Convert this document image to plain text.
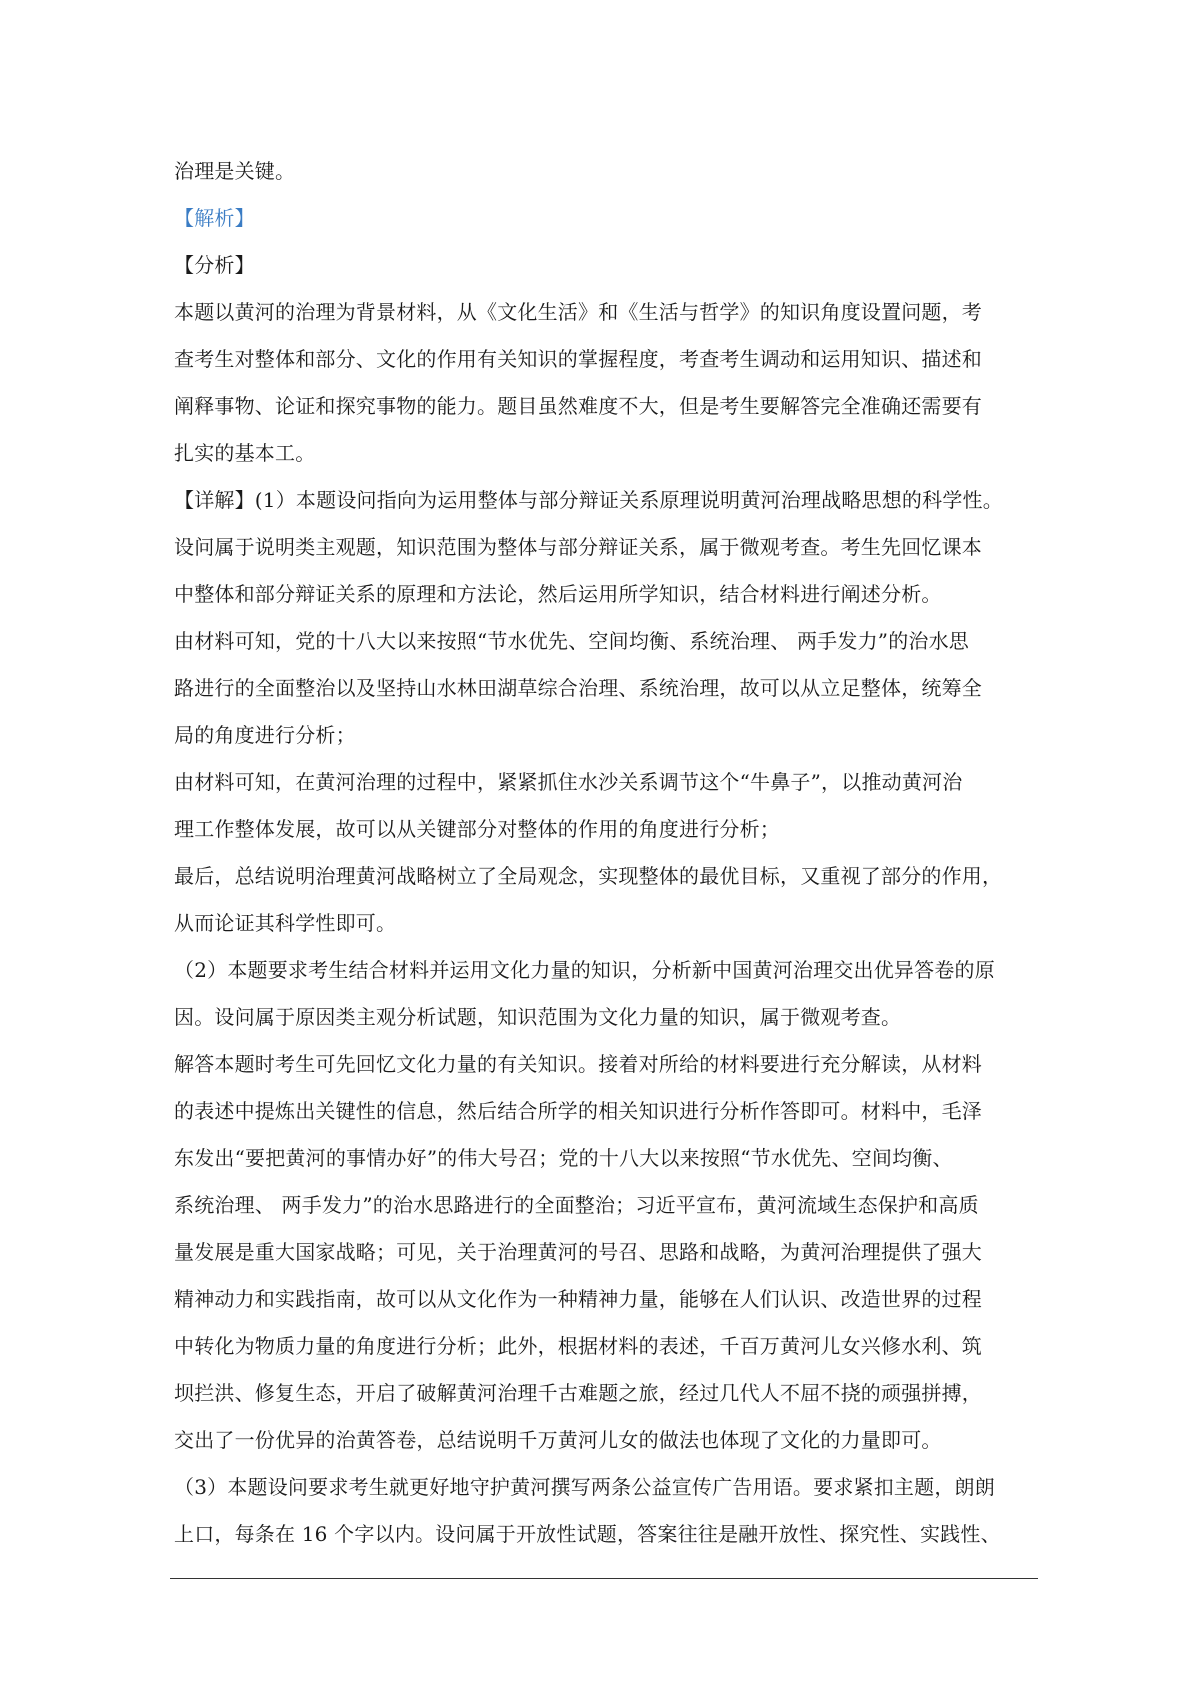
治理是关键。
【解析】
【分析】
本题以黄河的治理为背景材料，从《文化生活》和《生活与哲学》的知识角度设置问题，考
查考生对整体和部分、文化的作用有关知识的掌握程度，考查考生调动和运用知识、描述和
阐释事物、论证和探究事物的能力。题目虽然难度不大，但是考生要解答完全准确还需要有
扎实的基本工。
【详解】(1）本题设问指向为运用整体与部分辩证关系原理说明黄河治理战略思想的科学性。
设问属于说明类主观题，知识范围为整体与部分辩证关系，属于微观考查。考生先回忆课本
中整体和部分辩证关系的原理和方法论，然后运用所学知识，结合材料进行阐述分析。
由材料可知，党的十八大以来按照“节水优先、空间均衡、系统治理、 两手发力”的治水思
路进行的全面整治以及坚持山水林田湖草综合治理、系统治理，故可以从立足整体，统筹全
局的角度进行分析；
由材料可知，在黄河治理的过程中，紧紧抓住水沙关系调节这个“牛鼻子”，以推动黄河治
理工作整体发展，故可以从关键部分对整体的作用的角度进行分析；
最后，总结说明治理黄河战略树立了全局观念，实现整体的最优目标，又重视了部分的作用，
从而论证其科学性即可。
（2）本题要求考生结合材料并运用文化力量的知识，分析新中国黄河治理交出优异答卷的原
因。设问属于原因类主观分析试题，知识范围为文化力量的知识，属于微观考查。
解答本题时考生可先回忆文化力量的有关知识。接着对所给的材料要进行充分解读，从材料
的表述中提炼出关键性的信息，然后结合所学的相关知识进行分析作答即可。材料中，毛泽
东发出“要把黄河的事情办好”的伟大号召；党的十八大以来按照“节水优先、空间均衡、
系统治理、 两手发力”的治水思路进行的全面整治；习近平宣布，黄河流域生态保护和高质
量发展是重大国家战略；可见，关于治理黄河的号召、思路和战略，为黄河治理提供了强大
精神动力和实践指南，故可以从文化作为一种精神力量，能够在人们认识、改造世界的过程
中转化为物质力量的角度进行分析；此外，根据材料的表述，千百万黄河儿女兴修水利、筑
坝拦洪、修复生态，开启了破解黄河治理千古难题之旅，经过几代人不屈不挠的顽强拼搏，
交出了一份优异的治黄答卷，总结说明千万黄河儿女的做法也体现了文化的力量即可。
（3）本题设问要求考生就更好地守护黄河撰写两条公益宣传广告用语。要求紧扣主题，朗朗
上口，每条在 16 个字以内。设问属于开放性试题，答案往往是融开放性、探究性、实践性、
